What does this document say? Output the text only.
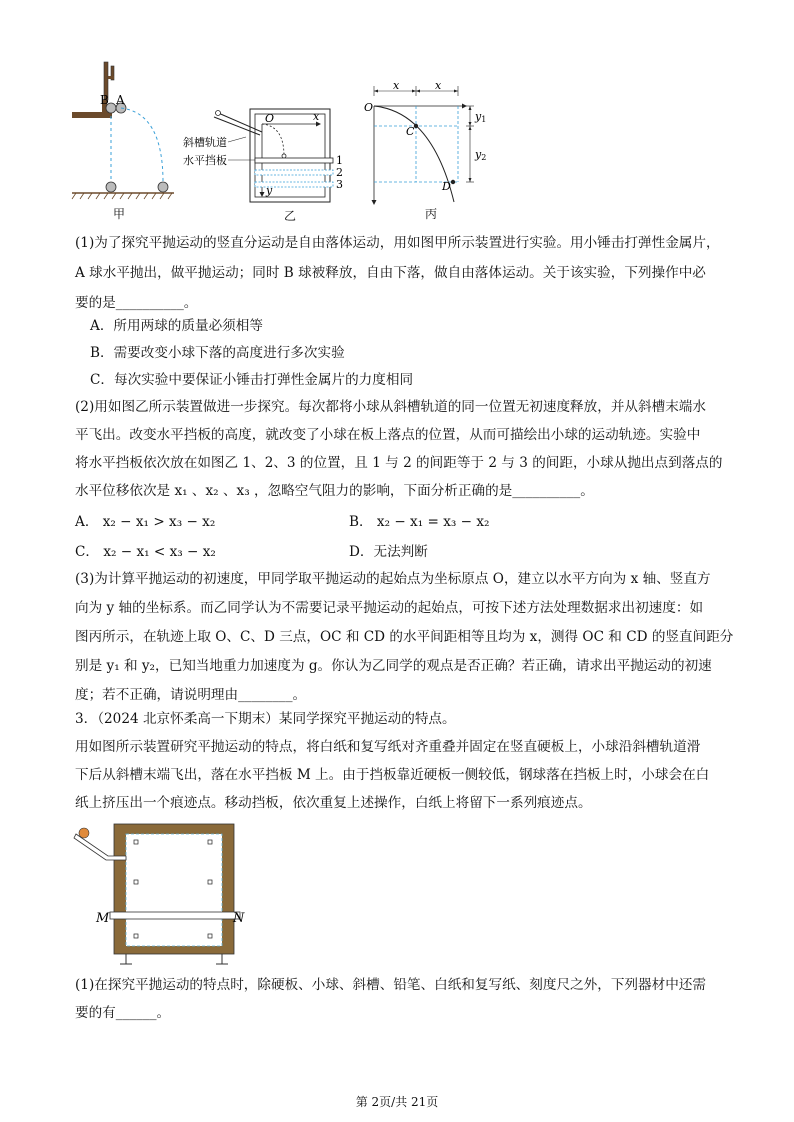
B A
甲
O	x
y
1
2
3
斜槽轨道
水平挡板
乙
x	x
O
C
D
y1
y2
丙
(1)为了探究平抛运动的竖直分运动是自由落体运动，用如图甲所示装置进行实验。用小锤击打弹性金属片，
A 球水平抛出，做平抛运动；同时 B 球被释放，自由下落，做自由落体运动。关于该实验，下列操作中必
要的是__________。
A．所用两球的质量必须相等
B．需要改变小球下落的高度进行多次实验
C．每次实验中要保证小锤击打弹性金属片的力度相同
(2)用如图乙所示装置做进一步探究。每次都将小球从斜槽轨道的同一位置无初速度释放，并从斜槽末端水
平飞出。改变水平挡板的高度，就改变了小球在板上落点的位置，从而可描绘出小球的运动轨迹。实验中
将水平挡板依次放在如图乙 1、2、3 的位置，且 1 与 2 的间距等于 2 与 3 的间距，小球从抛出点到落点的
水平位移依次是 x₁ 、x₂ 、x₃ ，忽略空气阻力的影响，下面分析正确的是__________。
A． x₂ − x₁ > x₃ − x₂	B． x₂ − x₁ = x₃ − x₂
C． x₂ − x₁ < x₃ − x₂	D．无法判断
(3)为计算平抛运动的初速度，甲同学取平抛运动的起始点为坐标原点 O，建立以水平方向为 x 轴、竖直方
向为 y 轴的坐标系。而乙同学认为不需要记录平抛运动的起始点，可按下述方法处理数据求出初速度：如
图丙所示，在轨迹上取 O、C、D 三点，OC 和 CD 的水平间距相等且均为 x，测得 OC 和 CD 的竖直间距分
别是 y₁ 和 y₂，已知当地重力加速度为 g。你认为乙同学的观点是否正确？若正确，请求出平抛运动的初速
度；若不正确，请说明理由________。
3．（2024 北京怀柔高一下期末）某同学探究平抛运动的特点。
用如图所示装置研究平抛运动的特点，将白纸和复写纸对齐重叠并固定在竖直硬板上，小球沿斜槽轨道滑
下后从斜槽末端飞出，落在水平挡板 M 上。由于挡板靠近硬板一侧较低，钢球落在挡板上时，小球会在白
纸上挤压出一个痕迹点。移动挡板，依次重复上述操作，白纸上将留下一系列痕迹点。
M	N
(1)在探究平抛运动的特点时，除硬板、小球、斜槽、铅笔、白纸和复写纸、刻度尺之外，下列器材中还需
要的有______。
第 2页/共 21页
